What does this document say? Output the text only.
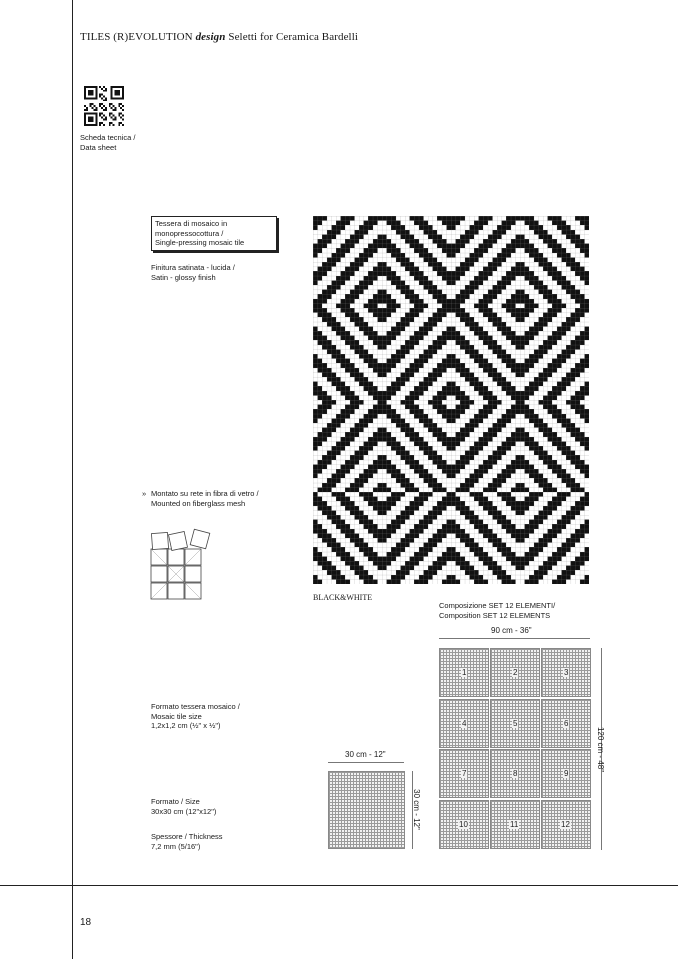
TILES (R)EVOLUTION design Seletti for Ceramica Bardelli
Scheda tecnica /
Data sheet
Tessera di mosaico in
monopressocottura /
Single-pressing mosaic tile
Finitura satinata - lucida /
Satin - glossy finish
» Montato su rete in fibra di vetro /
Mounted on fiberglass mesh
Formato tessera mosaico /
Mosaic tile size
1,2x1,2 cm (½" x ½")
Formato / Size
30x30 cm (12"x12")
Spessore / Thickness
7,2 mm (5/16")
BLACK&WHITE
Composizione SET 12 ELEMENTI/
Composition SET 12 ELEMENTS
90 cm - 36"
1	2	3
4	5	6
7	8	9
10	11	12
120 cm - 48"
30 cm - 12"
30 cm - 12"
18
